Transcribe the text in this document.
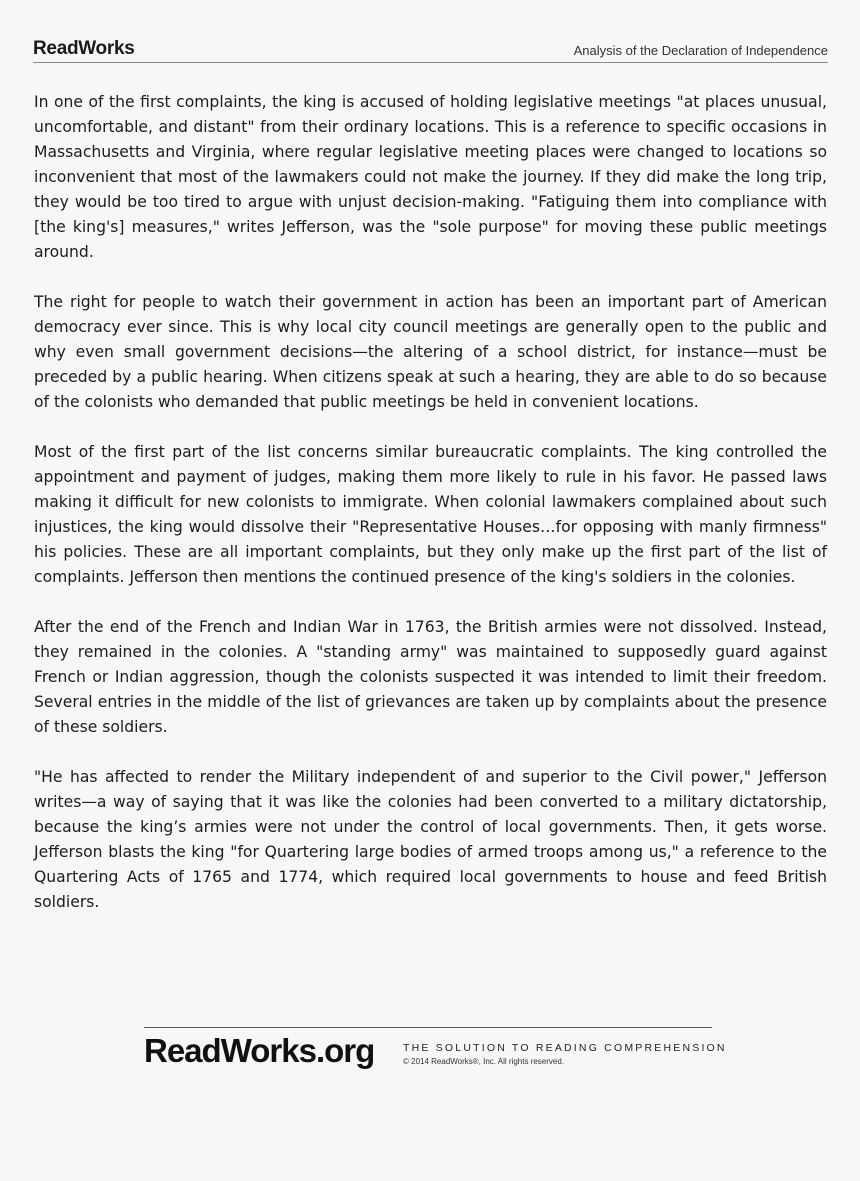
ReadWorks	Analysis of the Declaration of Independence

In one of the first complaints, the king is accused of holding legislative meetings "at places unusual, uncomfortable, and distant" from their ordinary locations. This is a reference to specific occasions in Massachusetts and Virginia, where regular legislative meeting places were changed to locations so inconvenient that most of the lawmakers could not make the journey. If they did make the long trip, they would be too tired to argue with unjust decision-making. "Fatiguing them into compliance with [the king's] measures," writes Jefferson, was the "sole purpose" for moving these public meetings around.

The right for people to watch their government in action has been an important part of American democracy ever since. This is why local city council meetings are generally open to the public and why even small government decisions—the altering of a school district, for instance—must be preceded by a public hearing. When citizens speak at such a hearing, they are able to do so because of the colonists who demanded that public meetings be held in convenient locations.

Most of the first part of the list concerns similar bureaucratic complaints. The king controlled the appointment and payment of judges, making them more likely to rule in his favor. He passed laws making it difficult for new colonists to immigrate. When colonial lawmakers complained about such injustices, the king would dissolve their "Representative Houses…for opposing with manly firmness" his policies. These are all important complaints, but they only make up the first part of the list of complaints. Jefferson then mentions the continued presence of the king's soldiers in the colonies.

After the end of the French and Indian War in 1763, the British armies were not dissolved. Instead, they remained in the colonies. A "standing army" was maintained to supposedly guard against French or Indian aggression, though the colonists suspected it was intended to limit their freedom. Several entries in the middle of the list of grievances are taken up by complaints about the presence of these soldiers.

"He has affected to render the Military independent of and superior to the Civil power," Jefferson writes—a way of saying that it was like the colonies had been converted to a military dictatorship, because the king’s armies were not under the control of local governments. Then, it gets worse. Jefferson blasts the king "for Quartering large bodies of armed troops among us," a reference to the Quartering Acts of 1765 and 1774, which required local governments to house and feed British soldiers.

ReadWorks.org	THE SOLUTION TO READING COMPREHENSION
© 2014 ReadWorks®, Inc. All rights reserved.
